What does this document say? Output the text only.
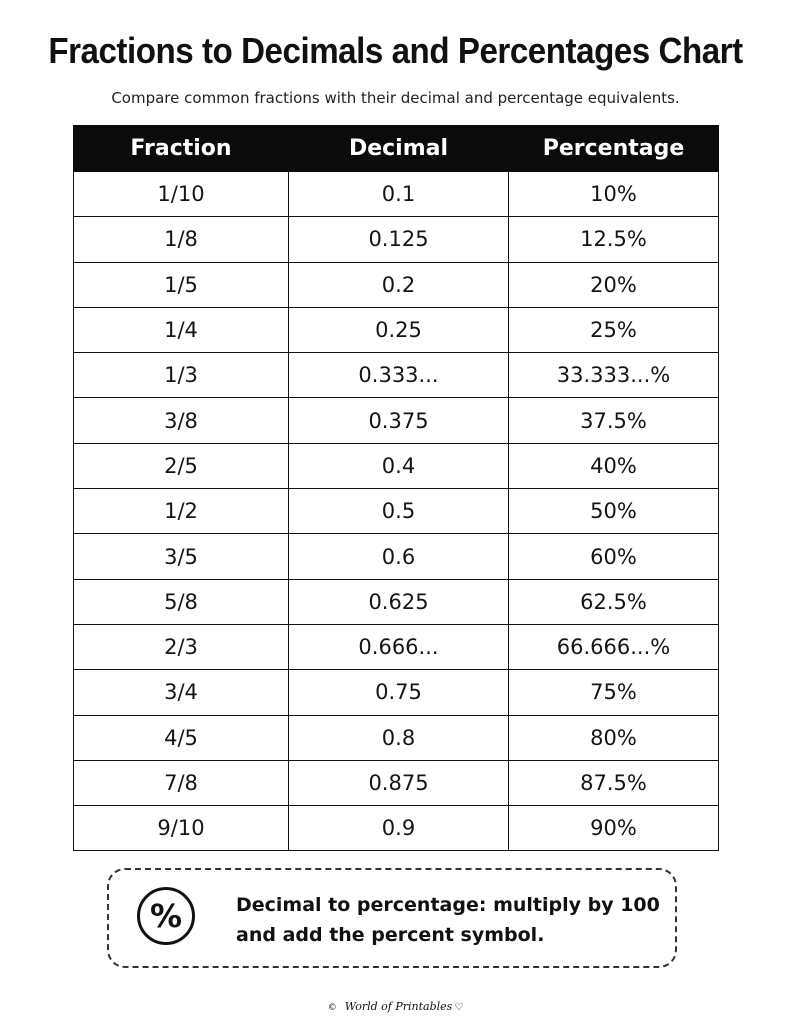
Fractions to Decimals and Percentages Chart
Compare common fractions with their decimal and percentage equivalents.
Fraction	Decimal	Percentage
1/10	0.1	10%
1/8	0.125	12.5%
1/5	0.2	20%
1/4	0.25	25%
1/3	0.333...	33.333...%
3/8	0.375	37.5%
2/5	0.4	40%
1/2	0.5	50%
3/5	0.6	60%
5/8	0.625	62.5%
2/3	0.666...	66.666...%
3/4	0.75	75%
4/5	0.8	80%
7/8	0.875	87.5%
9/10	0.9	90%
%	Decimal to percentage: multiply by 100
and add the percent symbol.
© World of Printables ♡
